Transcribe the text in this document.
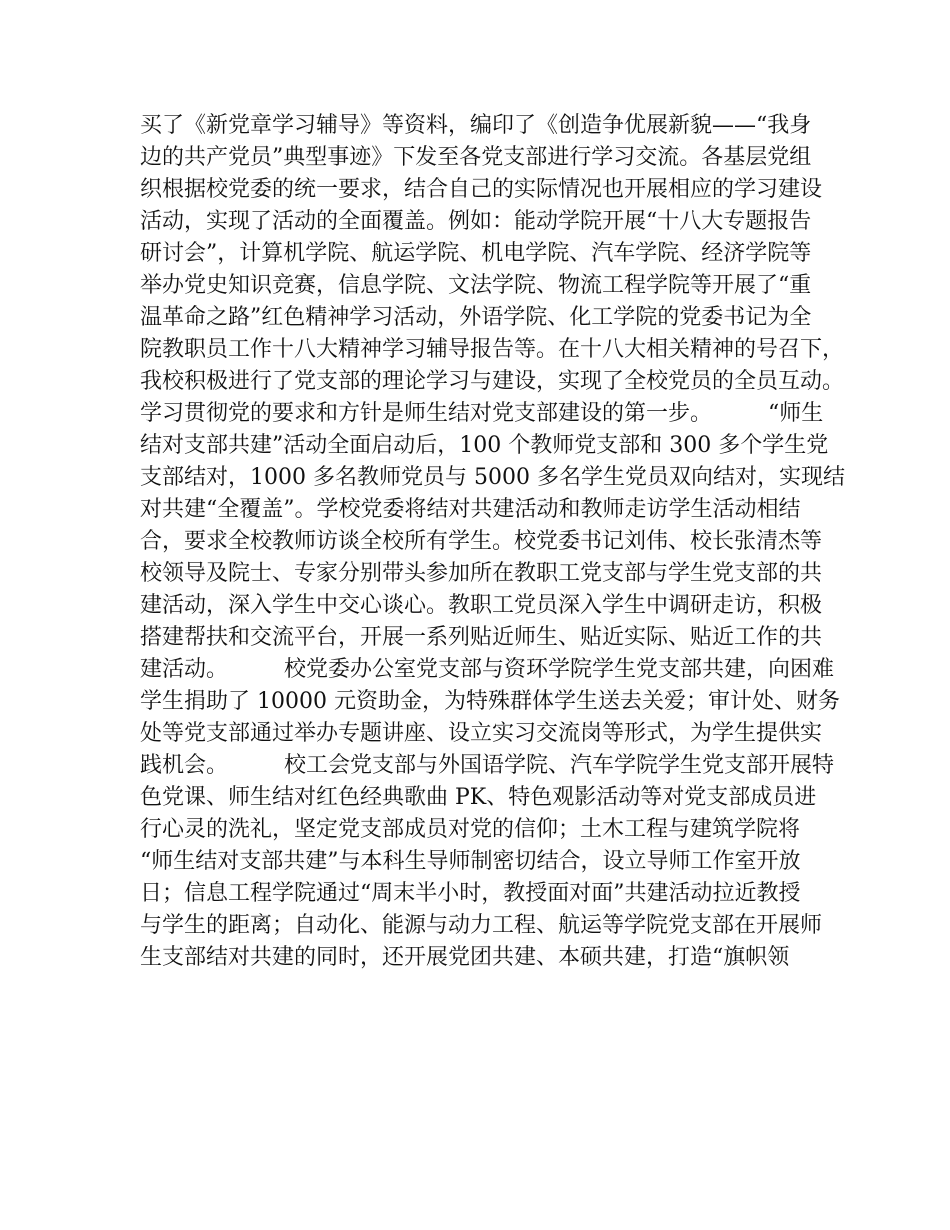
买了《新党章学习辅导》等资料，编印了《创造争优展新貌——“我身
边的共产党员”典型事迹》下发至各党支部进行学习交流。各基层党组
织根据校党委的统一要求，结合自己的实际情况也开展相应的学习建设
活动，实现了活动的全面覆盖。例如：能动学院开展“十八大专题报告
研讨会”，计算机学院、航运学院、机电学院、汽车学院、经济学院等
举办党史知识竞赛，信息学院、文法学院、物流工程学院等开展了“重
温革命之路”红色精神学习活动，外语学院、化工学院的党委书记为全
院教职员工作十八大精神学习辅导报告等。在十八大相关精神的号召下，
我校积极进行了党支部的理论学习与建设，实现了全校党员的全员互动。
学习贯彻党的要求和方针是师生结对党支部建设的第一步。        “师生
结对支部共建”活动全面启动后，100 个教师党支部和 300 多个学生党
支部结对，1000 多名教师党员与 5000 多名学生党员双向结对，实现结
对共建“全覆盖”。学校党委将结对共建活动和教师走访学生活动相结
合，要求全校教师访谈全校所有学生。校党委书记刘伟、校长张清杰等
校领导及院士、专家分别带头参加所在教职工党支部与学生党支部的共
建活动，深入学生中交心谈心。教职工党员深入学生中调研走访，积极
搭建帮扶和交流平台，开展一系列贴近师生、贴近实际、贴近工作的共
建活动。        校党委办公室党支部与资环学院学生党支部共建，向困难
学生捐助了 10000 元资助金，为特殊群体学生送去关爱；审计处、财务
处等党支部通过举办专题讲座、设立实习交流岗等形式，为学生提供实
践机会。        校工会党支部与外国语学院、汽车学院学生党支部开展特
色党课、师生结对红色经典歌曲 PK、特色观影活动等对党支部成员进
行心灵的洗礼，坚定党支部成员对党的信仰；土木工程与建筑学院将
“师生结对支部共建”与本科生导师制密切结合，设立导师工作室开放
日；信息工程学院通过“周末半小时，教授面对面”共建活动拉近教授
与学生的距离；自动化、能源与动力工程、航运等学院党支部在开展师
生支部结对共建的同时，还开展党团共建、本硕共建，打造“旗帜领
